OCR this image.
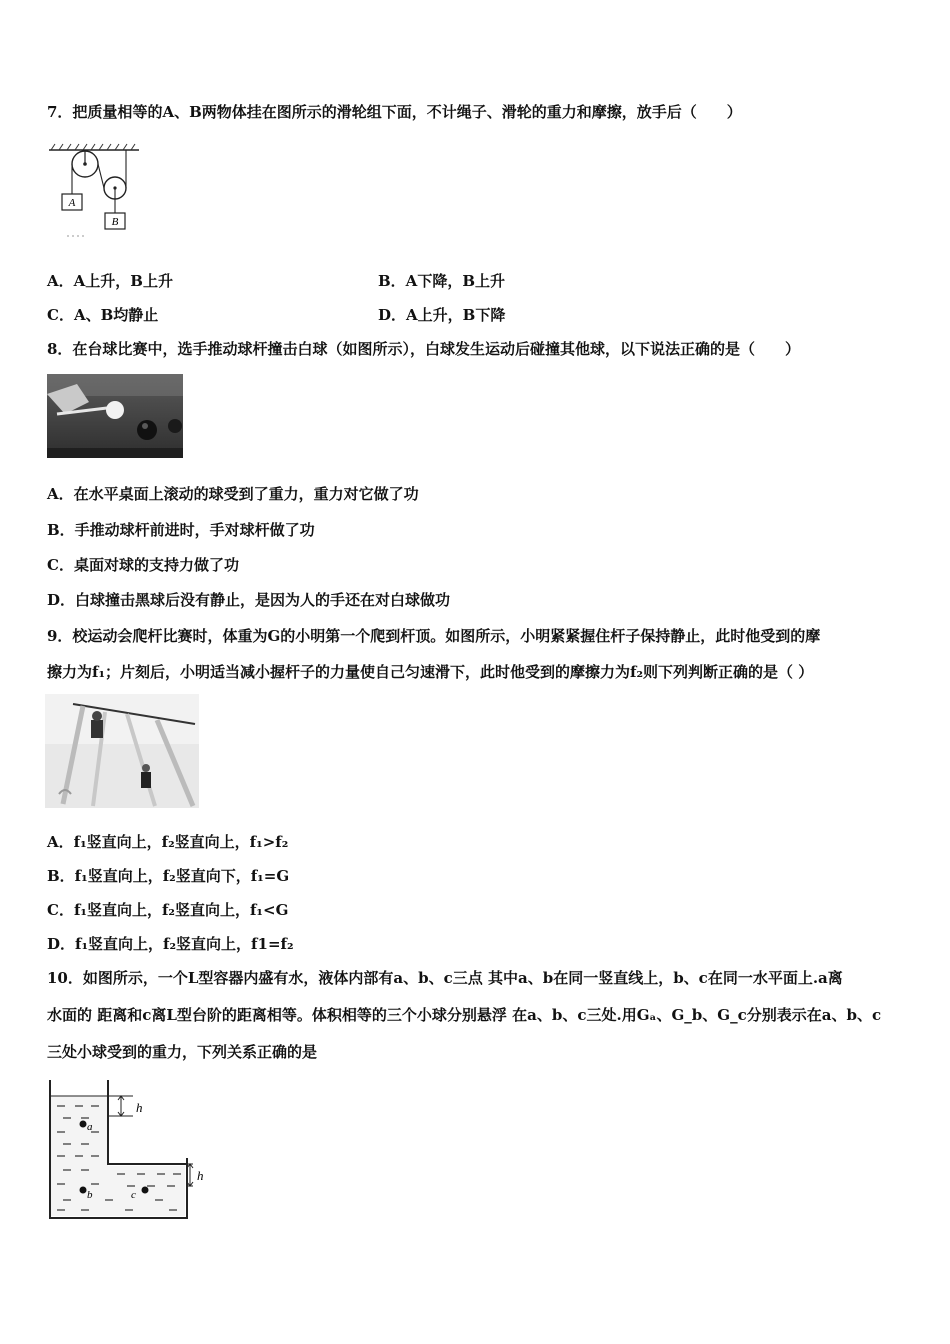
7．把质量相等的A、B两物体挂在图所示的滑轮组下面，不计绳子、滑轮的重力和摩擦，放手后（　　）
A
B
A．A上升，B上升	B．A下降，B上升
C．A、B均静止	D．A上升，B下降
8．在台球比赛中，选手推动球杆撞击白球（如图所示），白球发生运动后碰撞其他球，以下说法正确的是（　　）
A．在水平桌面上滚动的球受到了重力，重力对它做了功
B．手推动球杆前进时，手对球杆做了功
C．桌面对球的支持力做了功
D．白球撞击黑球后没有静止，是因为人的手还在对白球做功
9．校运动会爬杆比赛时，体重为G的小明第一个爬到杆顶。如图所示，小明紧紧握住杆子保持静止，此时他受到的摩
擦力为f₁；片刻后，小明适当减小握杆子的力量使自己匀速滑下，此时他受到的摩擦力为f₂则下列判断正确的是（ ）
A．f₁竖直向上，f₂竖直向上，f₁>f₂
B．f₁竖直向上，f₂竖直向下，f₁=G
C．f₁竖直向上，f₂竖直向上，f₁<G
D．f₁竖直向上，f₂竖直向上，f1=f₂
10．如图所示，一个L型容器内盛有水，液体内部有a、b、c三点 其中a、b在同一竖直线上，b、c在同一水平面上.a离
水面的 距离和c离L型台阶的距离相等。体积相等的三个小球分别悬浮 在a、b、c三处.用Gₐ、G_b、G_c分别表示在a、b、c
三处小球受到的重力，下列关系正确的是
a
b	c
h
h
